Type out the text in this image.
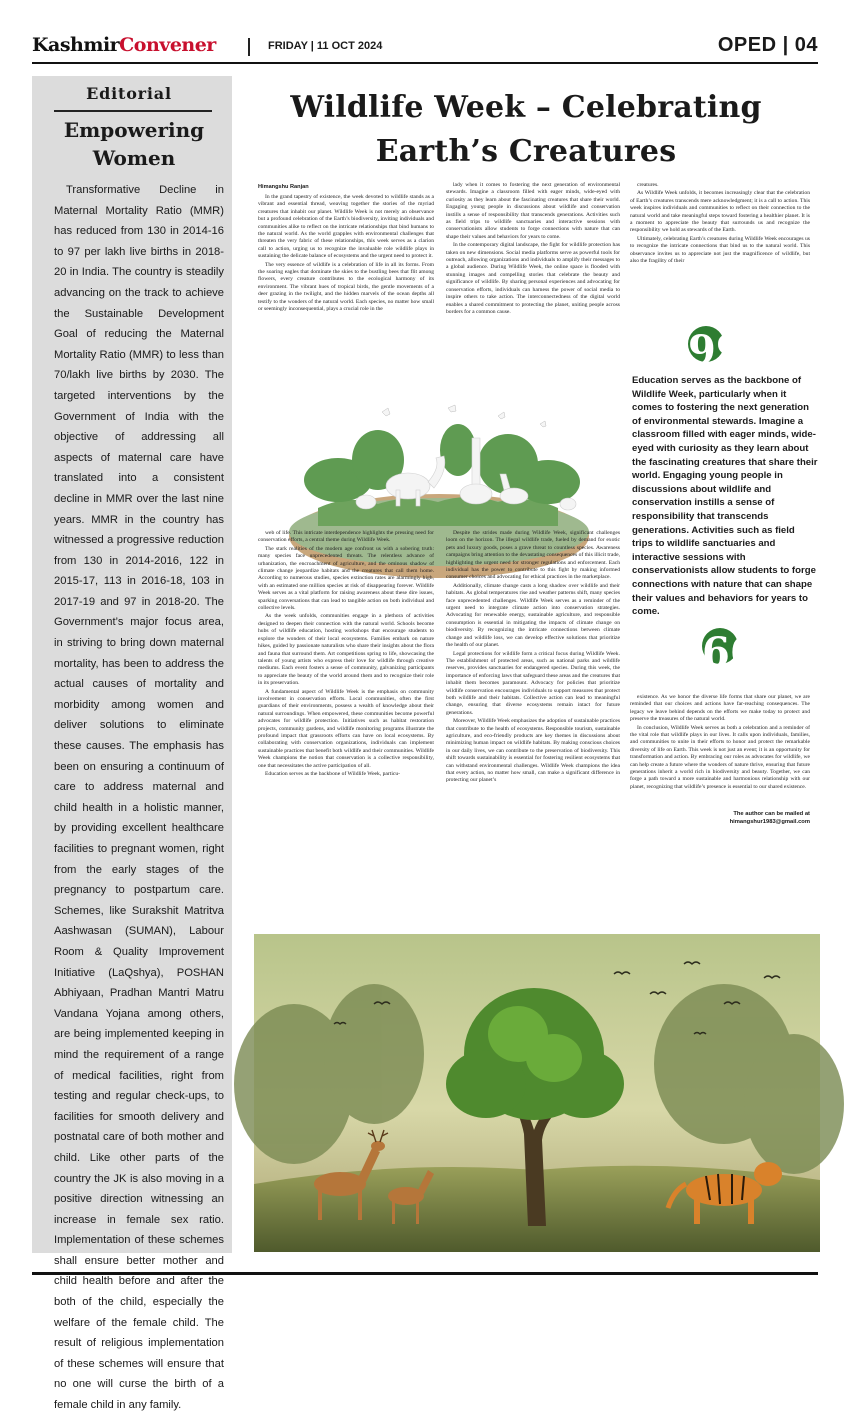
KashmirConvener	FRIDAY | 11 OCT 2024	OPED | 04
Editorial
Empowering Women

Transformative Decline in Maternal Mortality Ratio (MMR) has reduced from 130 in 2014-16 to 97 per lakh live births in 2018-20 in India. The country is steadily advancing on the track to achieve the Sustainable Development Goal of reducing the Maternal Mortality Ratio (MMR) to less than 70/lakh live births by 2030. The targeted interventions by the Government of India with the objective of addressing all aspects of maternal care have translated into a consistent decline in MMR over the last nine years. MMR in the country has witnessed a progressive reduction from 130 in 2014-2016, 122 in 2015-17, 113 in 2016-18, 103 in 2017-19 and 97 in 2018-20. The Government’s major focus area, in striving to bring down maternal mortality, has been to address the actual causes of mortality and morbidity among women and deliver solutions to eliminate these causes. The emphasis has been on ensuring a continuum of care to address maternal and child health in a holistic manner, by providing excellent healthcare facilities to pregnant women, right from the early stages of the pregnancy to postpartum care. Schemes, like Surakshit Matritva Aashwasan (SUMAN), Labour Room & Quality Improvement Initiative (LaQshya), POSHAN Abhiyaan, Pradhan Mantri Matru Vandana Yojana among others, are being implemented keeping in mind the requirement of a range of medical facilities, right from testing and regular check-ups, to facilities for smooth delivery and postnatal care of both mother and child. Like other parts of the country the JK is also moving in a positive direction witnessing an increase in female sex ratio. Implementation of these schemes shall ensure better mother and child health before and after the both of the child, especially the welfare of the female child. The result of religious implementation of these schemes will ensure that no one will curse the birth of a female child in any family.

Wildlife Week – Celebrating Earth’s Creatures
Himangshu Ranjan

In the grand tapestry of existence, the week devoted to wildlife stands as a vibrant and essential thread, weaving together the stories of the myriad creatures that inhabit our planet. Wildlife Week is not merely an observance but a profound celebration of the Earth’s biodiversity, inviting individuals and communities alike to reflect on the intricate relationships that bind humans to the natural world. As the world grapples with environmental challenges that threaten the very fabric of these relationships, this week serves as a clarion call to action, urging us to recognize the invaluable role wildlife plays in sustaining the delicate balance of ecosystems and the urgent need to protect it.

The very essence of wildlife is a celebration of life in all its forms. From the soaring eagles that dominate the skies to the bustling bees that flit among flowers, every creature contributes to the ecological harmony of its environment. The vibrant hues of tropical birds, the gentle movements of a deer grazing in the twilight, and the hidden marvels of the ocean depths all testify to the wonders of the natural world. Each species, no matter how small or seemingly inconsequential, plays a crucial role in the

lady when it comes to fostering the next generation of environmental stewards. Imagine a classroom filled with eager minds, wide-eyed with curiosity as they learn about the fascinating creatures that share their world. Engaging young people in discussions about wildlife and conservation instills a sense of responsibility that transcends generations. Activities such as field trips to wildlife sanctuaries and interactive sessions with conservationists allow students to forge connections with nature that can shape their values and behaviors for years to come.

In the contemporary digital landscape, the fight for wildlife protection has taken on new dimensions. Social media platforms serve as powerful tools for outreach, allowing organizations and individuals to amplify their messages to a global audience. During Wildlife Week, the online space is flooded with stunning images and compelling stories that celebrate the beauty and significance of wildlife. By sharing personal experiences and advocating for conservation efforts, individuals can harness the power of social media to inspire others to take action. The interconnectedness of the digital world enables a shared commitment to protecting the planet, uniting people across borders for a common cause.

creatures.

As Wildlife Week unfolds, it becomes increasingly clear that the celebration of Earth’s creatures transcends mere acknowledgment; it is a call to action. This week inspires individuals and communities to reflect on their connection to the natural world and take meaningful steps toward fostering a healthier planet. It is a moment to appreciate the beauty that surrounds us and recognize the responsibility we hold as stewards of the Earth.

Ultimately, celebrating Earth’s creatures during Wildlife Week encourages us to recognize the intricate connections that bind us to the natural world. This observance invites us to appreciate not just the magnificence of wildlife, but also the fragility of their

web of life. This intricate interdependence highlights the pressing need for conservation efforts, a central theme during Wildlife Week.

The stark realities of the modern age confront us with a sobering truth: many species face unprecedented threats. The relentless advance of urbanization, the encroachment of agriculture, and the ominous shadow of climate change jeopardize habitats and the creatures that call them home. According to numerous studies, species extinction rates are alarmingly high, with an estimated one million species at risk of disappearing forever. Wildlife Week serves as a vital platform for raising awareness about these dire issues, sparking conversations that can lead to tangible action on both individual and collective levels.

As the week unfolds, communities engage in a plethora of activities designed to deepen their connection with the natural world. Schools become hubs of wildlife education, hosting workshops that encourage students to explore the wonders of their local ecosystems. Families embark on nature hikes, guided by passionate naturalists who share their insights about the flora and fauna that surround them. Art competitions spring to life, showcasing the talents of young artists who express their love for wildlife through creative mediums. Each event fosters a sense of community, galvanizing participants to appreciate the beauty of the world around them and to recognize their role in its preservation.

A fundamental aspect of Wildlife Week is the emphasis on community involvement in conservation efforts. Local communities, often the first guardians of their environments, possess a wealth of knowledge about their natural surroundings. When empowered, these communities become powerful advocates for wildlife protection. Initiatives such as habitat restoration projects, community gardens, and wildlife monitoring programs illustrate the profound impact that grassroots efforts can have on local ecosystems. By collaborating with conservation organizations, individuals can implement sustainable practices that benefit both wildlife and their communities. Wildlife Week champions the notion that conservation is a collective responsibility, one that necessitates the active participation of all.

Education serves as the backbone of Wildlife Week, particu-

Despite the strides made during Wildlife Week, significant challenges loom on the horizon. The illegal wildlife trade, fueled by demand for exotic pets and luxury goods, poses a grave threat to countless species. Awareness campaigns bring attention to the devastating consequences of this illicit trade, highlighting the urgent need for stronger regulations and enforcement. Each individual has the power to contribute to this fight by making informed consumer choices and advocating for ethical practices in the marketplace.

Additionally, climate change casts a long shadow over wildlife and their habitats. As global temperatures rise and weather patterns shift, many species face unprecedented challenges. Wildlife Week serves as a reminder of the urgent need to integrate climate action into conservation strategies. Advocating for renewable energy, sustainable agriculture, and responsible consumption is essential in mitigating the impacts of climate change on biodiversity. By recognizing the intricate connections between climate change and wildlife loss, we can develop effective solutions that prioritize the health of our planet.

Legal protections for wildlife form a critical focus during Wildlife Week. The establishment of protected areas, such as national parks and wildlife reserves, provides sanctuaries for endangered species. During this week, the importance of enforcing laws that safeguard these areas and the creatures that inhabit them becomes paramount. Advocacy for policies that prioritize wildlife conservation encourages individuals to support measures that protect both wildlife and their habitats. Collective action can lead to meaningful change, ensuring that diverse ecosystems remain intact for future generations.

Moreover, Wildlife Week emphasizes the adoption of sustainable practices that contribute to the health of ecosystems. Responsible tourism, sustainable agriculture, and eco-friendly products are key themes in discussions about minimizing human impact on wildlife habitats. By making conscious choices in our daily lives, we can contribute to the preservation of biodiversity. This shift towards sustainability is essential for fostering resilient ecosystems that can withstand environmental challenges. Wildlife Week champions the idea that every action, no matter how small, can make a significant difference in protecting our planet’s

99

Education serves as the backbone of Wildlife Week, particularly when it comes to fostering the next generation of environmental stewards. Imagine a classroom filled with eager minds, wide-eyed with curiosity as they learn about the fascinating creatures that share their world. Engaging young people in discussions about wildlife and conservation instills a sense of responsibility that transcends generations. Activities such as field trips to wildlife sanctuaries and interactive sessions with conservationists allow students to forge connections with nature that can shape their values and behaviors for years to come.

66

existence. As we honor the diverse life forms that share our planet, we are reminded that our choices and actions have far-reaching consequences. The legacy we leave behind depends on the efforts we make today to protect and preserve the treasures of the natural world.

In conclusion, Wildlife Week serves as both a celebration and a reminder of the vital role that wildlife plays in our lives. It calls upon individuals, families, and communities to unite in their efforts to honor and protect the remarkable diversity of life on Earth. This week is not just an event; it is an opportunity for transformation and action. By embracing our roles as advocates for wildlife, we can help create a future where the wonders of nature thrive, ensuring that future generations inherit a world rich in biodiversity and beauty. Together, we can forge a path toward a more sustainable and harmonious relationship with our planet, recognizing that wildlife’s presence is essential to our shared existence.

The author can be mailed at
himangshur1983@gmail.com
